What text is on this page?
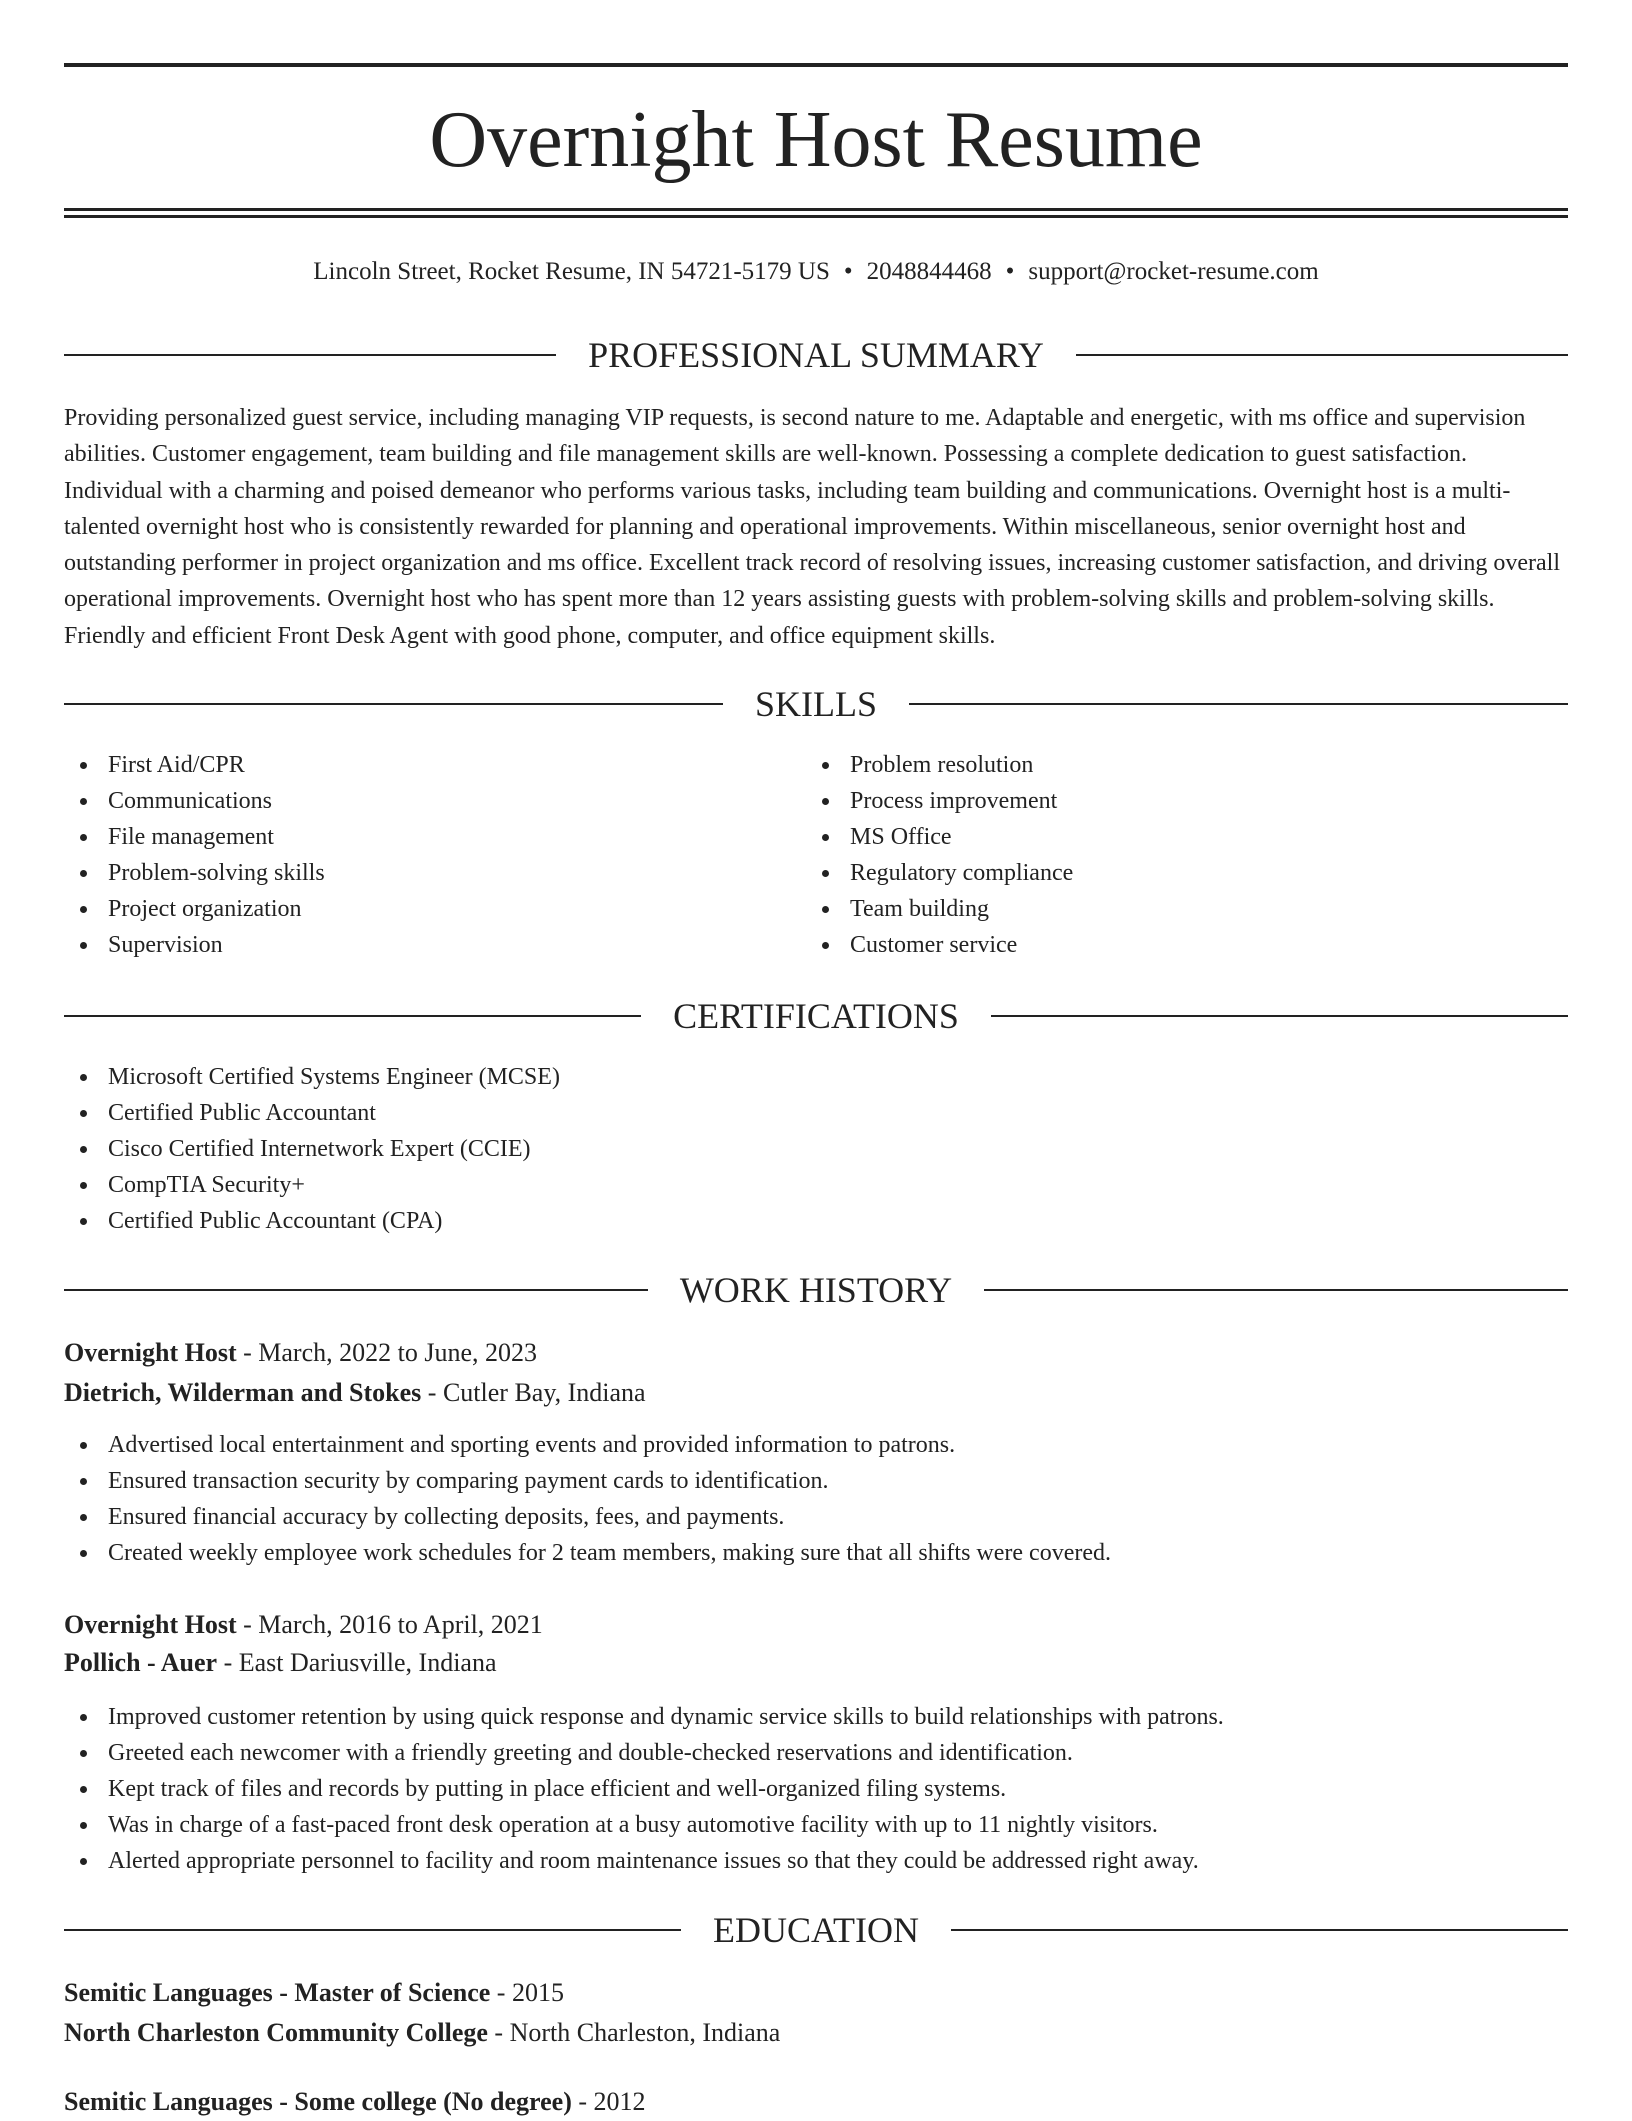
Overnight Host Resume
Lincoln Street, Rocket Resume, IN 54721-5179 US • 2048844468 • support@rocket-resume.com
PROFESSIONAL SUMMARY

Providing personalized guest service, including managing VIP requests, is second nature to me. Adaptable and energetic, with ms office and supervision abilities. Customer engagement, team building and file management skills are well-known. Possessing a complete dedication to guest satisfaction. Individual with a charming and poised demeanor who performs various tasks, including team building and communications. Overnight host is a multi-talented overnight host who is consistently rewarded for planning and operational improvements. Within miscellaneous, senior overnight host and outstanding performer in project organization and ms office. Excellent track record of resolving issues, increasing customer satisfaction, and driving overall operational improvements. Overnight host who has spent more than 12 years assisting guests with problem-solving skills and problem-solving skills. Friendly and efficient Front Desk Agent with good phone, computer, and office equipment skills.

SKILLS
First Aid/CPR
Communications
File management
Problem-solving skills
Project organization
Supervision
Problem resolution
Process improvement
MS Office
Regulatory compliance
Team building
Customer service
CERTIFICATIONS
Microsoft Certified Systems Engineer (MCSE)
Certified Public Accountant
Cisco Certified Internetwork Expert (CCIE)
CompTIA Security+
Certified Public Accountant (CPA)
WORK HISTORY
Overnight Host - March, 2022 to June, 2023
Dietrich, Wilderman and Stokes - Cutler Bay, Indiana
Advertised local entertainment and sporting events and provided information to patrons.
Ensured transaction security by comparing payment cards to identification.
Ensured financial accuracy by collecting deposits, fees, and payments.
Created weekly employee work schedules for 2 team members, making sure that all shifts were covered.
Overnight Host - March, 2016 to April, 2021
Pollich - Auer - East Dariusville, Indiana
Improved customer retention by using quick response and dynamic service skills to build relationships with patrons.
Greeted each newcomer with a friendly greeting and double-checked reservations and identification.
Kept track of files and records by putting in place efficient and well-organized filing systems.
Was in charge of a fast-paced front desk operation at a busy automotive facility with up to 11 nightly visitors.
Alerted appropriate personnel to facility and room maintenance issues so that they could be addressed right away.
EDUCATION
Semitic Languages - Master of Science - 2015
North Charleston Community College - North Charleston, Indiana
Semitic Languages - Some college (No degree) - 2012
